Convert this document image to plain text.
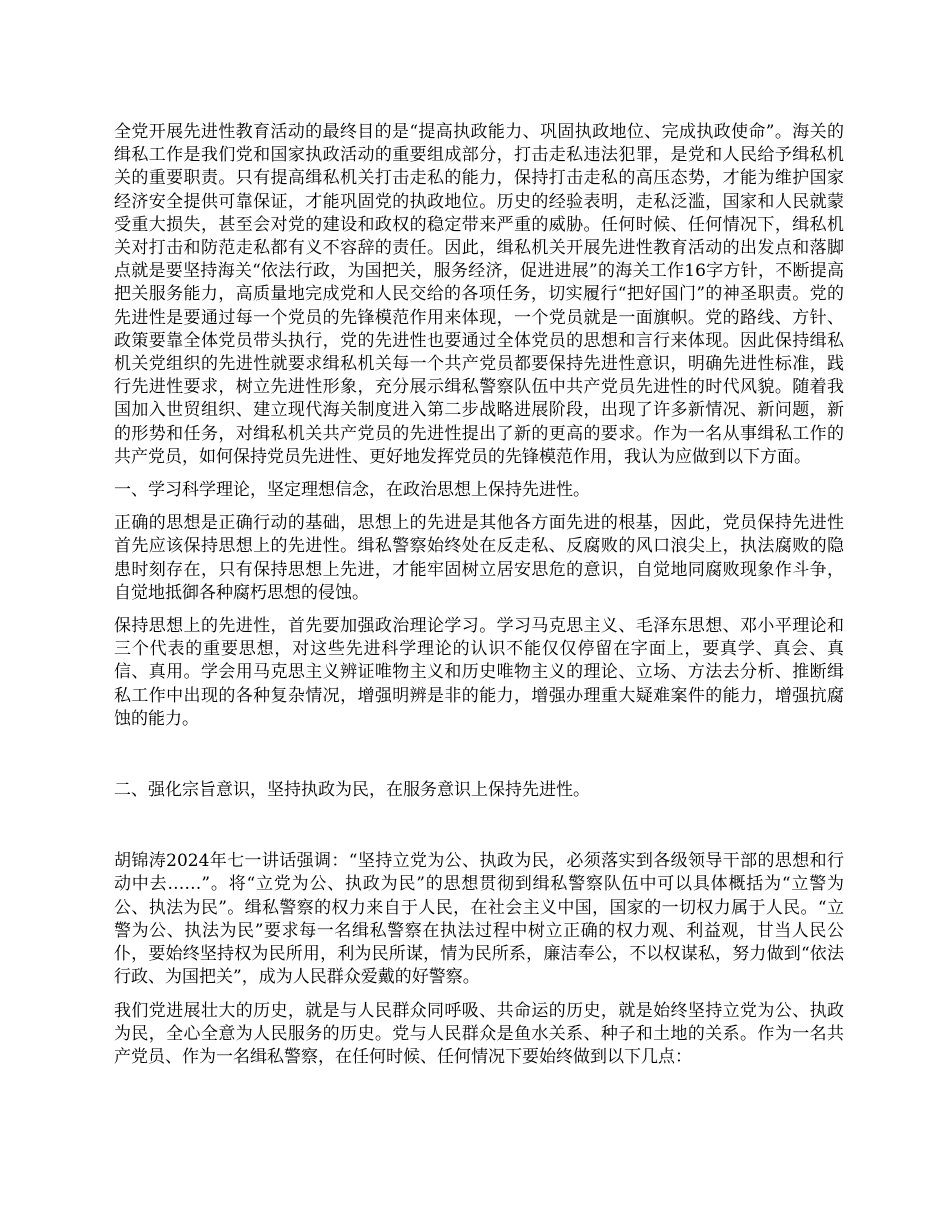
全党开展先进性教育活动的最终目的是“提高执政能力、巩固执政地位、完成执政使命”。海关的缉私工作是我们党和国家执政活动的重要组成部分，打击走私违法犯罪，是党和人民给予缉私机关的重要职责。只有提高缉私机关打击走私的能力，保持打击走私的高压态势，才能为维护国家经济安全提供可靠保证，才能巩固党的执政地位。历史的经验表明，走私泛滥，国家和人民就蒙受重大损失，甚至会对党的建设和政权的稳定带来严重的威胁。任何时候、任何情况下，缉私机关对打击和防范走私都有义不容辞的责任。因此，缉私机关开展先进性教育活动的出发点和落脚点就是要坚持海关“依法行政，为国把关，服务经济，促进进展”的海关工作16字方针，不断提高把关服务能力，高质量地完成党和人民交给的各项任务，切实履行“把好国门”的神圣职责。党的先进性是要通过每一个党员的先锋模范作用来体现，一个党员就是一面旗帜。党的路线、方针、政策要靠全体党员带头执行，党的先进性也要通过全体党员的思想和言行来体现。因此保持缉私机关党组织的先进性就要求缉私机关每一个共产党员都要保持先进性意识，明确先进性标准，践行先进性要求，树立先进性形象，充分展示缉私警察队伍中共产党员先进性的时代风貌。随着我国加入世贸组织、建立现代海关制度进入第二步战略进展阶段，出现了许多新情况、新问题，新的形势和任务，对缉私机关共产党员的先进性提出了新的更高的要求。作为一名从事缉私工作的共产党员，如何保持党员先进性、更好地发挥党员的先锋模范作用，我认为应做到以下方面。

一、学习科学理论，坚定理想信念，在政治思想上保持先进性。

正确的思想是正确行动的基础，思想上的先进是其他各方面先进的根基，因此，党员保持先进性首先应该保持思想上的先进性。缉私警察始终处在反走私、反腐败的风口浪尖上，执法腐败的隐患时刻存在，只有保持思想上先进，才能牢固树立居安思危的意识，自觉地同腐败现象作斗争，自觉地抵御各种腐朽思想的侵蚀。

保持思想上的先进性，首先要加强政治理论学习。学习马克思主义、毛泽东思想、邓小平理论和三个代表的重要思想，对这些先进科学理论的认识不能仅仅停留在字面上，要真学、真会、真信、真用。学会用马克思主义辨证唯物主义和历史唯物主义的理论、立场、方法去分析、推断缉私工作中出现的各种复杂情况，增强明辨是非的能力，增强办理重大疑难案件的能力，增强抗腐蚀的能力。

二、强化宗旨意识，坚持执政为民，在服务意识上保持先进性。

胡锦涛2024年七一讲话强调：“坚持立党为公、执政为民，必须落实到各级领导干部的思想和行动中去……”。将“立党为公、执政为民”的思想贯彻到缉私警察队伍中可以具体概括为“立警为公、执法为民”。缉私警察的权力来自于人民，在社会主义中国，国家的一切权力属于人民。“立警为公、执法为民”要求每一名缉私警察在执法过程中树立正确的权力观、利益观，甘当人民公仆，要始终坚持权为民所用，利为民所谋，情为民所系，廉洁奉公，不以权谋私，努力做到“依法行政、为国把关”，成为人民群众爱戴的好警察。

我们党进展壮大的历史，就是与人民群众同呼吸、共命运的历史，就是始终坚持立党为公、执政为民，全心全意为人民服务的历史。党与人民群众是鱼水关系、种子和土地的关系。作为一名共产党员、作为一名缉私警察，在任何时候、任何情况下要始终做到以下几点：
